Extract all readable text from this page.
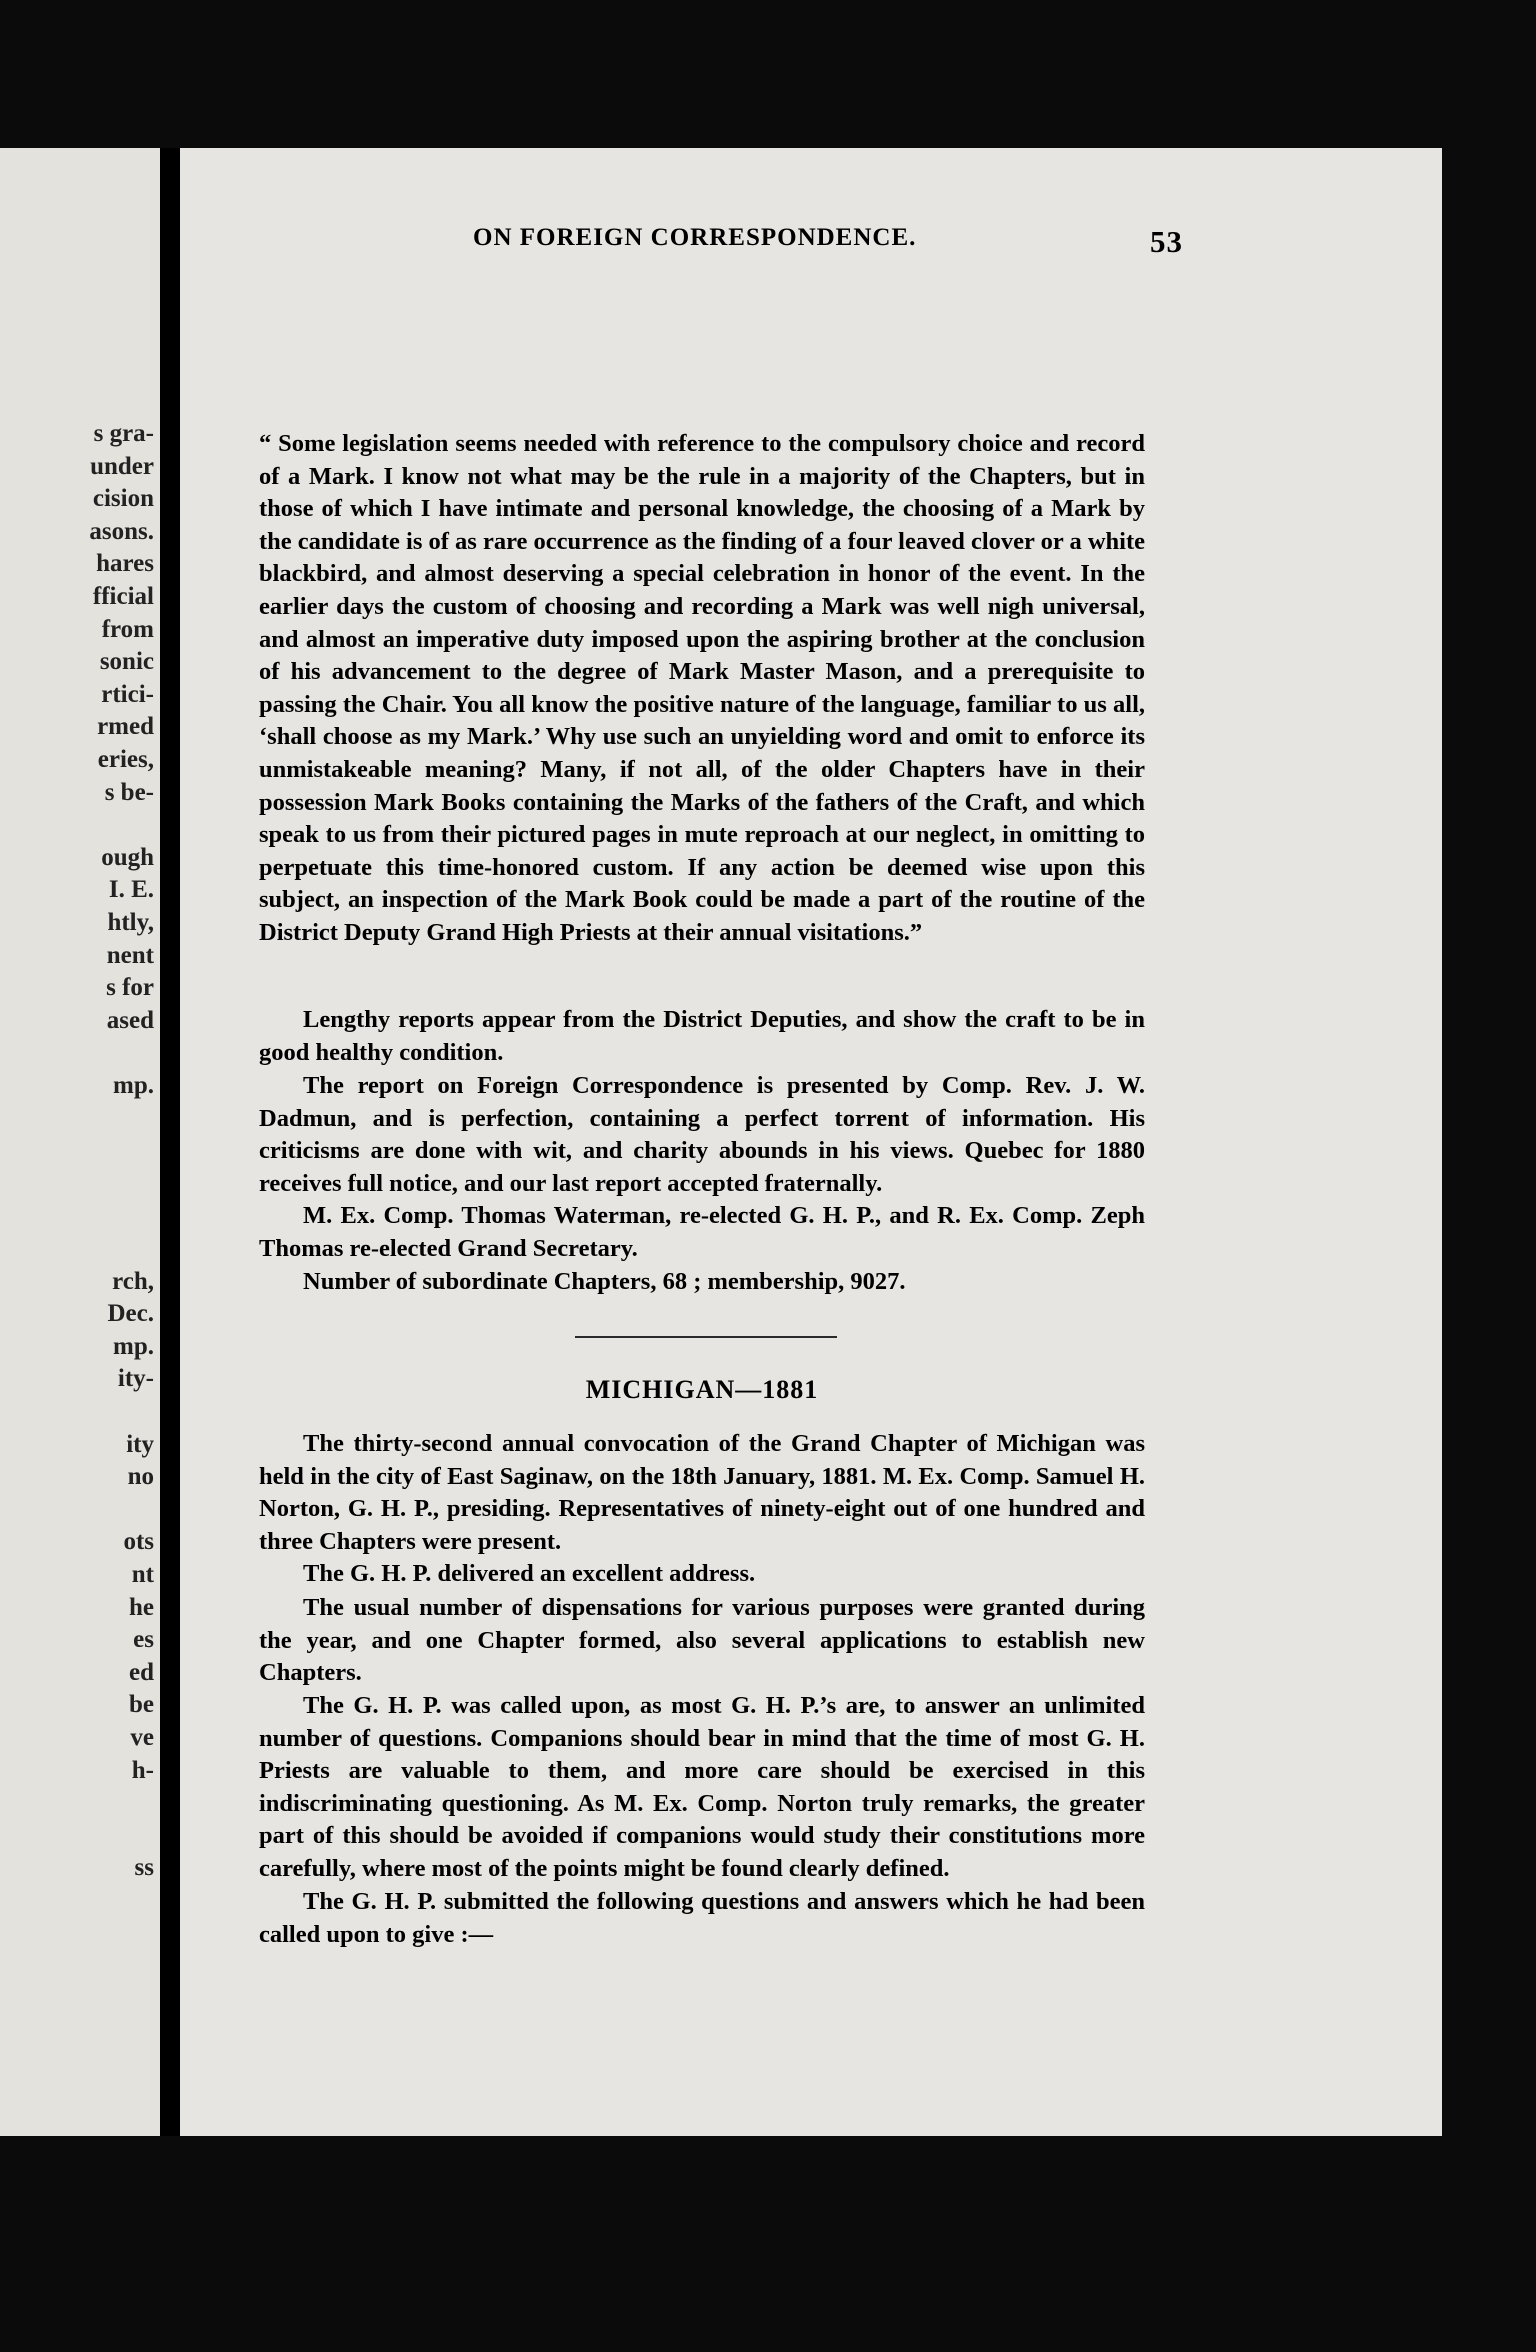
s gra-
under
cision
asons.
hares
fficial
from
sonic
rtici-
rmed
eries,
s be-
ough
I. E.
htly,
nent
s for
ased
mp.
rch,
Dec.
mp.
ity-
ity
no
ots
nt
he
es
ed
be
ve
h-
ss
ON FOREIGN CORRESPONDENCE.	53

“ Some legislation seems needed with reference to the compulsory choice and record of a Mark. I know not what may be the rule in a majority of the Chapters, but in those of which I have intimate and personal knowledge, the choosing of a Mark by the candidate is of as rare occurrence as the finding of a four leaved clover or a white blackbird, and almost deserving a special celebration in honor of the event. In the earlier days the custom of choosing and recording a Mark was well nigh universal, and almost an imperative duty imposed upon the aspiring brother at the conclusion of his advancement to the degree of Mark Master Mason, and a prerequisite to passing the Chair. You all know the positive nature of the language, familiar to us all, ‘shall choose as my Mark.’ Why use such an unyielding word and omit to enforce its unmistakeable meaning? Many, if not all, of the older Chapters have in their possession Mark Books containing the Marks of the fathers of the Craft, and which speak to us from their pictured pages in mute reproach at our neglect, in omitting to perpetuate this time-honored custom. If any action be deemed wise upon this subject, an inspection of the Mark Book could be made a part of the routine of the District Deputy Grand High Priests at their annual visitations.”

Lengthy reports appear from the District Deputies, and show the craft to be in good healthy condition.

The report on Foreign Correspondence is presented by Comp. Rev. J. W. Dadmun, and is perfection, containing a perfect torrent of information. His criticisms are done with wit, and charity abounds in his views. Quebec for 1880 receives full notice, and our last report accepted fraternally.

M. Ex. Comp. Thomas Waterman, re-elected G. H. P., and R. Ex. Comp. Zeph Thomas re-elected Grand Secretary.

Number of subordinate Chapters, 68 ; membership, 9027.

MICHIGAN—1881

The thirty-second annual convocation of the Grand Chapter of Michigan was held in the city of East Saginaw, on the 18th January, 1881. M. Ex. Comp. Samuel H. Norton, G. H. P., presiding. Representatives of ninety-eight out of one hundred and three Chapters were present.

The G. H. P. delivered an excellent address.

The usual number of dispensations for various purposes were granted during the year, and one Chapter formed, also several applications to establish new Chapters.

The G. H. P. was called upon, as most G. H. P.’s are, to answer an unlimited number of questions. Companions should bear in mind that the time of most G. H. Priests are valuable to them, and more care should be exercised in this indiscriminating questioning. As M. Ex. Comp. Norton truly remarks, the greater part of this should be avoided if companions would study their constitutions more carefully, where most of the points might be found clearly defined.

The G. H. P. submitted the following questions and answers which he had been called upon to give :—
